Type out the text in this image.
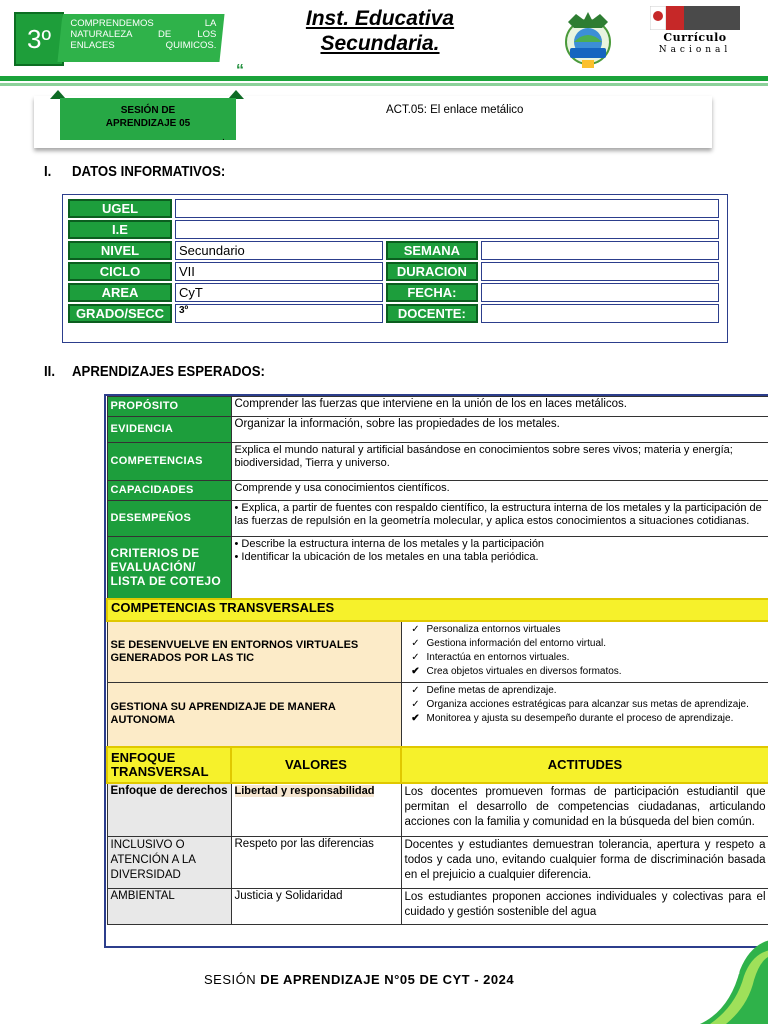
3º	COMPRENDEMOS LA NATURALEZA DE LOS ENLACES QUIMICOS.
Inst. Educativa
Secundaria.	Currículo
Nacional
“
SESIÓN DE
APRENDIZAJE 05
ACT.05: El enlace metálico
.
I. DATOS INFORMATIVOS:
UGEL			
I.E			
NIVEL	Secundario	SEMANA	
CICLO	VII	DURACION	
AREA	CyT	FECHA:	
GRADO/SECC	3º	DOCENTE:	
II. APRENDIZAJES ESPERADOS:
PROPÓSITO	Comprender las fuerzas que interviene en la unión de los en laces metálicos.	
EVIDENCIA	Organizar la información, sobre las propiedades de los metales.	
COMPETENCIAS	Explica el mundo natural y artificial basándose en conocimientos sobre seres vivos; materia y energía; biodiversidad, Tierra y universo.	
CAPACIDADES	Comprende y usa conocimientos científicos.	
DESEMPEÑOS	• Explica, a partir de fuentes con respaldo científico, la estructura interna de los metales y la participación de las fuerzas de repulsión en la geometría molecular, y aplica estos conocimientos a situaciones cotidianas.	
CRITERIOS DE EVALUACIÓN/ LISTA DE COTEJO	• Describe la estructura interna de los metales y la participación
• Identificar la ubicación de los metales en una tabla periódica.	

COMPETENCIAS TRANSVERSALES		
SE DESENVUELVE EN ENTORNOS VIRTUALES GENERADOS POR LAS TIC		✓ Personaliza entornos virtuales
✓ Gestiona información del entorno virtual.
✓ Interactúa en entornos virtuales.
✔ Crea objetos virtuales en diversos formatos.

GESTIONA SU APRENDIZAJE DE MANERA AUTONOMA		✓ Define metas de aprendizaje.
✓ Organiza acciones estratégicas para alcanzar sus metas de aprendizaje.
✔ Monitorea y ajusta su desempeño durante el proceso de aprendizaje.

ENFOQUE TRANSVERSAL	VALORES	ACTITUDES
Enfoque de derechos	Libertad y responsabilidad	Los docentes promueven formas de participación estudiantil que permitan el desarrollo de competencias ciudadanas, articulando acciones con la familia y comunidad en la búsqueda del bien común.
INCLUSIVO O ATENCIÓN A LA DIVERSIDAD	Respeto por las diferencias	Docentes y estudiantes demuestran tolerancia, apertura y respeto a todos y cada uno, evitando cualquier forma de discriminación basada en el prejuicio a cualquier diferencia.
AMBIENTAL	Justicia y Solidaridad	Los estudiantes proponen acciones individuales y colectivas para el cuidado y gestión sostenible del agua
SESIÓN DE APRENDIZAJE N°05 DE CYT - 2024	1
